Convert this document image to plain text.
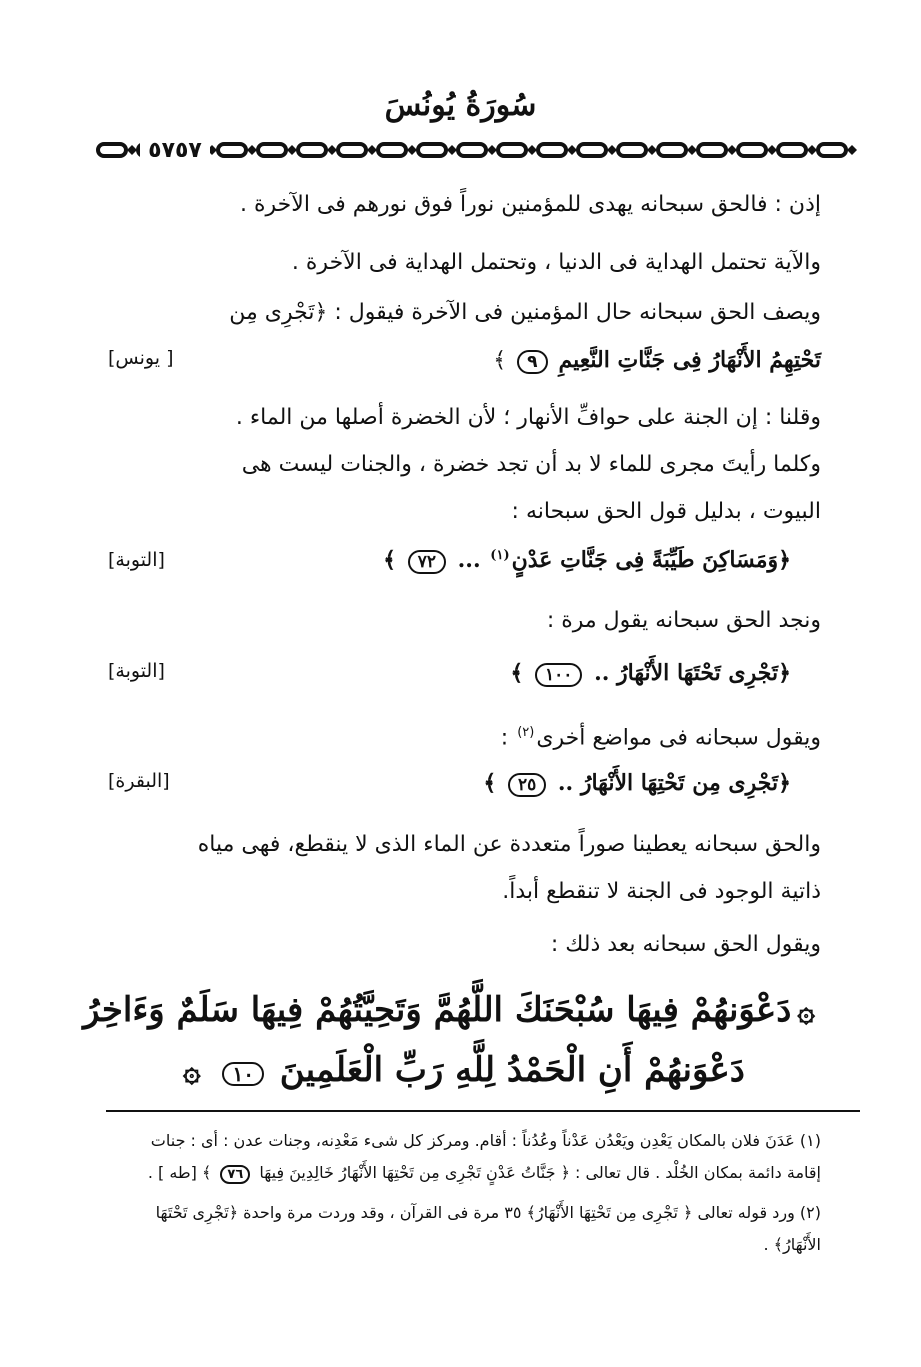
سُورَةُ يُونُسَ
٥٧٥٧
إذن : فالحق سبحانه يهدى للمؤمنين نوراً فوق نورهم فى الآخرة .
والآية تحتمل الهداية فى الدنيا ، وتحتمل الهداية فى الآخرة .
ويصف الحق سبحانه حال المؤمنين فى الآخرة فيقول : ﴿تَجْرِى مِن
تَحْتِهِمُ الأَنْهَارُ فِى جَنَّاتِ النَّعِيمِ ٩ ﴾
[ يونس]
وقلنا : إن الجنة على حوافِّ الأنهار ؛ لأن الخضرة أصلها من الماء .
وكلما رأيتَ مجرى للماء لا بد أن تجد خضرة ، والجنات ليست هى
البيوت ، بدليل قول الحق سبحانه :
﴿وَمَسَاكِنَ طَيِّبَةً فِى جَنَّاتِ عَدْنٍ$^{(١)}$ ... ٧٢ ﴾
[التوبة]
ونجد الحق سبحانه يقول مرة :
﴿تَجْرِى تَحْتَهَا الأَنْهَارُ .. ١٠٠ ﴾
[التوبة]
ويقول سبحانه فى مواضع أخرى$^{(٢)}$ :
﴿تَجْرِى مِن تَحْتِهَا الأَنْهَارُ .. ٢٥ ﴾
[البقرة]
والحق سبحانه يعطينا صوراً متعددة عن الماء الذى لا ينقطع، فهى مياه
ذاتية الوجود فى الجنة لا تنقطع أبداً.
ويقول الحق سبحانه بعد ذلك :
۞دَعْوَنهُمْ فِيهَا سُبْحَنَكَ اللَّهُمَّ وَتَحِيَّتُهُمْ فِيهَا سَلَمٌ وَءَاخِرُ
دَعْوَنهُمْ أَنِ الْحَمْدُ لِلَّهِ رَبِّ الْعَلَمِينَ ١٠ ۞
(١) عَدَنَ فلان بالمكان يَعْدِن ويَعْدُن عَدْناً وعُدُناً : أقام. ومركز كل شىء مَعْدِنه، وجنات عدن : أى : جنات
إقامة دائمة بمكان الخُلْد . قال تعالى : ﴿ جَنَّاتُ عَدْنٍ تَجْرِى مِن تَحْتِهَا الأَنْهَارُ خَالِدِينَ فِيهَا ٧٦ ﴾ [طه ] .
(٢) ورد قوله تعالى ﴿ تَجْرِى مِن تَحْتِهَا الأَنْهَارُ﴾ ٣٥ مرة فى القرآن ، وقد وردت مرة واحدة ﴿تَجْرِى تَحْتَهَا
الأَنْهَارُ﴾ .
